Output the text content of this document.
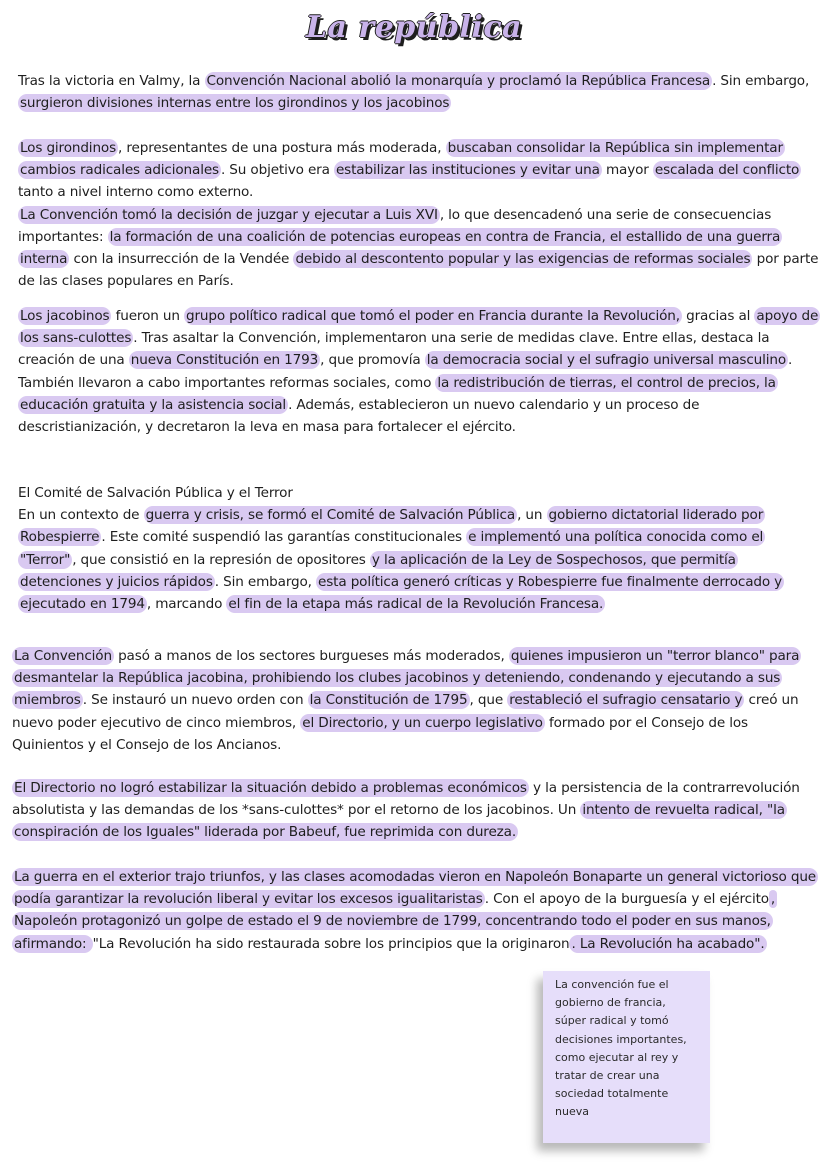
La república

Tras la victoria en Valmy, la Convención Nacional abolió la monarquía y proclamó la República Francesa . Sin embargo, surgieron divisiones internas entre los girondinos y los jacobinos

Los girondinos , representantes de una postura más moderada, buscaban consolidar la República sin implementar cambios radicales adicionales . Su objetivo era estabilizar las instituciones y evitar una mayor escalada del conflicto tanto a nivel interno como externo.

La Convención tomó la decisión de juzgar y ejecutar a Luis XVI , lo que desencadenó una serie de consecuencias importantes: la formación de una coalición de potencias europeas en contra de Francia, el estallido de una guerra interna con la insurrección de la Vendée debido al descontento popular y las exigencias de reformas sociales por parte de las clases populares en París.

Los jacobinos fueron un grupo político radical que tomó el poder en Francia durante la Revolución, gracias al apoyo de los sans-culottes . Tras asaltar la Convención, implementaron una serie de medidas clave. Entre ellas, destaca la creación de una nueva Constitución en 1793 , que promovía la democracia social y el sufragio universal masculino . También llevaron a cabo importantes reformas sociales, como la redistribución de tierras, el control de precios, la educación gratuita y la asistencia social . Además, establecieron un nuevo calendario y un proceso de descristianización, y decretaron la leva en masa para fortalecer el ejército.

El Comité de Salvación Pública y el Terror

En un contexto de guerra y crisis, se formó el Comité de Salvación Pública , un gobierno dictatorial liderado por Robespierre . Este comité suspendió las garantías constitucionales e implementó una política conocida como el "Terror" , que consistió en la represión de opositores y la aplicación de la Ley de Sospechosos, que permitía detenciones y juicios rápidos . Sin embargo, esta política generó críticas y Robespierre fue finalmente derrocado y ejecutado en 1794 , marcando el fin de la etapa más radical de la Revolución Francesa.

La Convención pasó a manos de los sectores burgueses más moderados, quienes impusieron un "terror blanco" para desmantelar la República jacobina, prohibiendo los clubes jacobinos y deteniendo, condenando y ejecutando a sus miembros . Se instauró un nuevo orden con la Constitución de 1795 , que restableció el sufragio censatario y creó un nuevo poder ejecutivo de cinco miembros, el Directorio, y un cuerpo legislativo formado por el Consejo de los Quinientos y el Consejo de los Ancianos.

El Directorio no logró estabilizar la situación debido a problemas económicos y la persistencia de la contrarrevolución absolutista y las demandas de los *sans-culottes* por el retorno de los jacobinos. Un intento de revuelta radical, "la conspiración de los Iguales" liderada por Babeuf, fue reprimida con dureza.

La guerra en el exterior trajo triunfos, y las clases acomodadas vieron en Napoleón Bonaparte un general victorioso que podía garantizar la revolución liberal y evitar los excesos igualitaristas . Con el apoyo de la burguesía y el ejército , Napoleón protagonizó un golpe de estado el 9 de noviembre de 1799, concentrando todo el poder en sus manos, afirmando: "La Revolución ha sido restaurada sobre los principios que la originaron . La Revolución ha acabado".

La convención fue el gobierno de francia, súper radical y tomó decisiones importantes, como ejecutar al rey y tratar de crear una sociedad totalmente nueva
